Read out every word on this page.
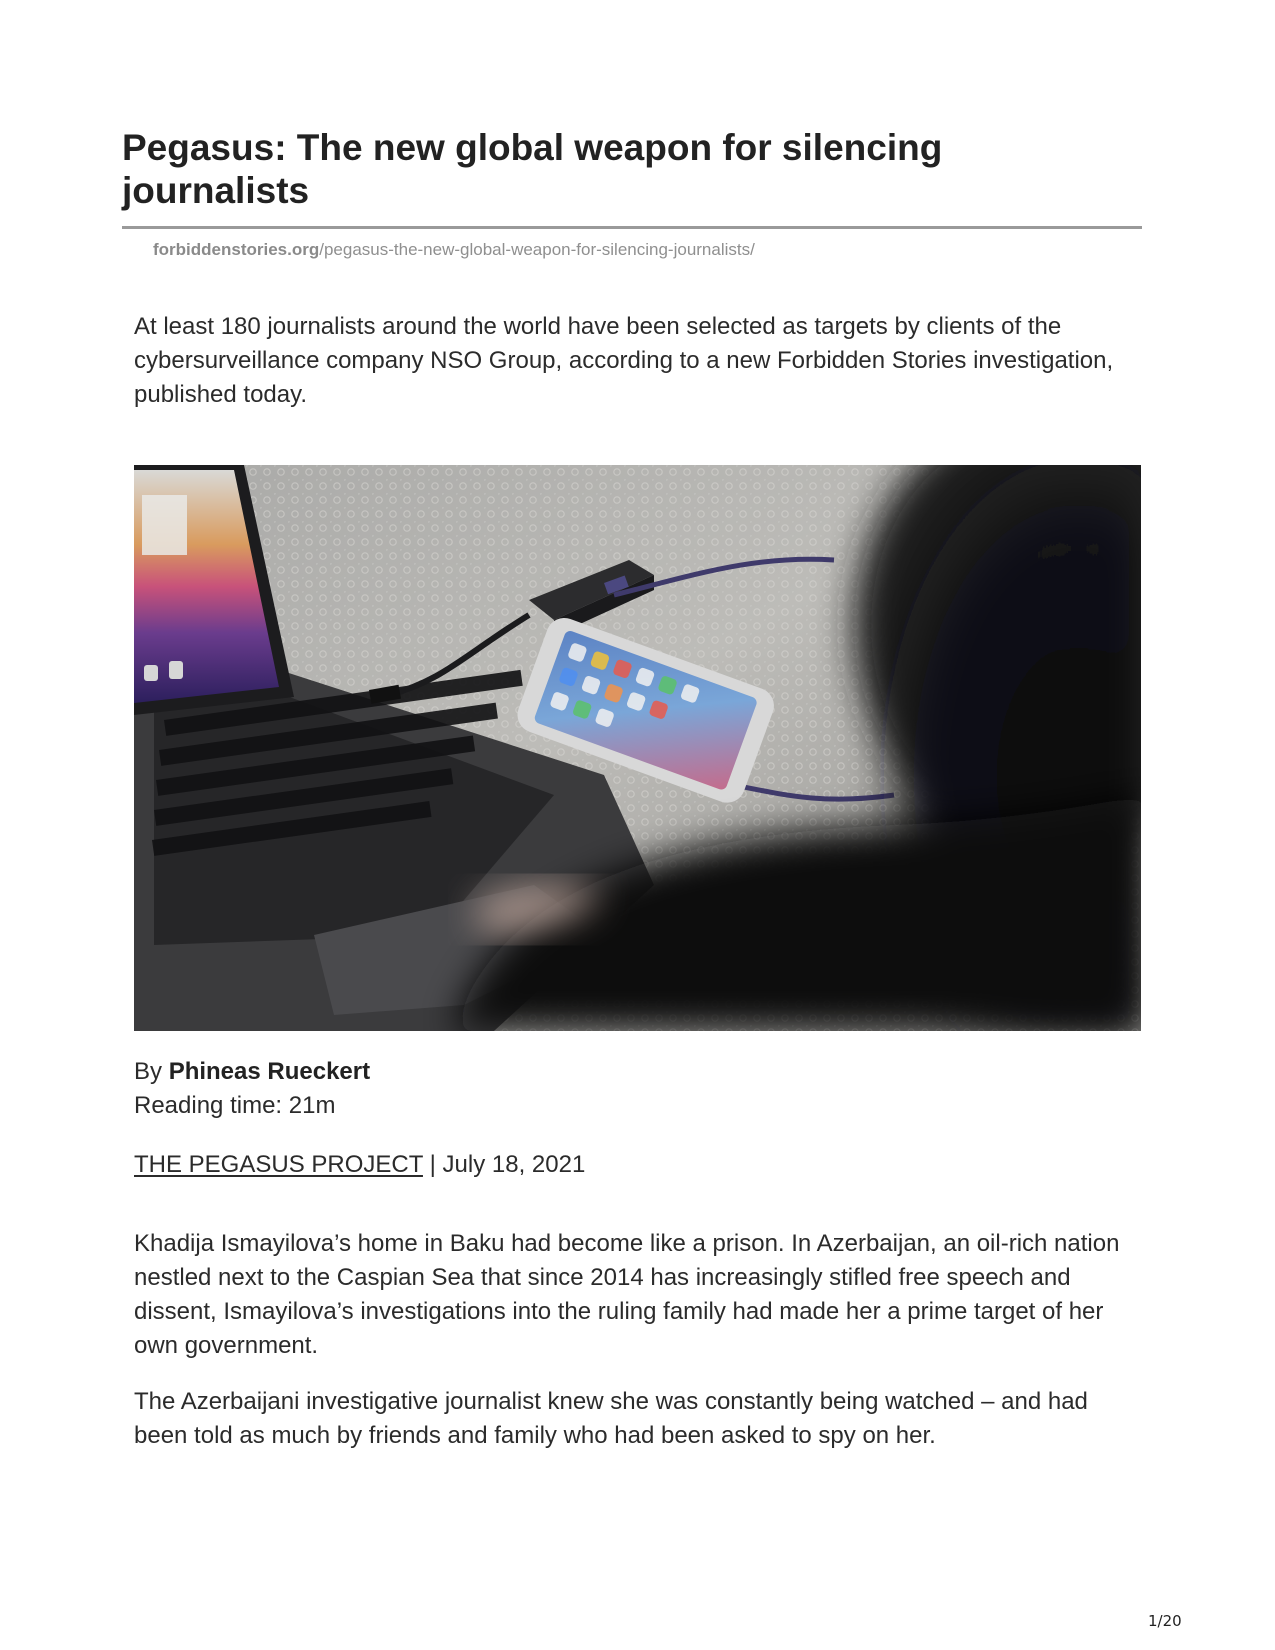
Pegasus: The new global weapon for silencing journalists
forbiddenstories.org/pegasus-the-new-global-weapon-for-silencing-journalists/

At least 180 journalists around the world have been selected as targets by clients of the cybersurveillance company NSO Group, according to a new Forbidden Stories investigation, published today.

By Phineas Rueckert
Reading time: 21m
THE PEGASUS PROJECT | July 18, 2021

Khadija Ismayilova’s home in Baku had become like a prison. In Azerbaijan, an oil-rich nation nestled next to the Caspian Sea that since 2014 has increasingly stifled free speech and dissent, Ismayilova’s investigations into the ruling family had made her a prime target of her own government.

The Azerbaijani investigative journalist knew she was constantly being watched – and had been told as much by friends and family who had been asked to spy on her.

1/20
